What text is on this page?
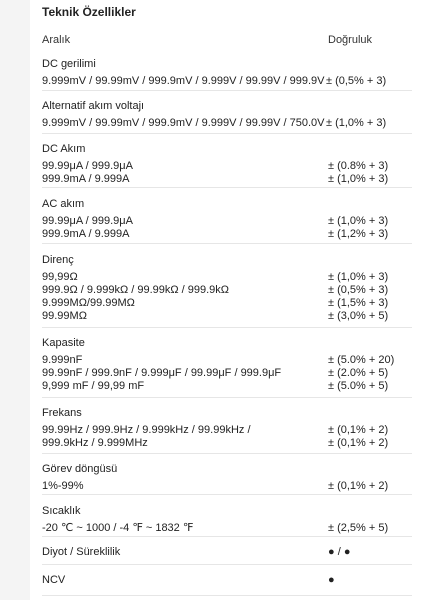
Teknik Özellikler
Aralık	Doğruluk
DC gerilimi
9.999mV / 99.99mV / 999.9mV / 9.999V / 99.99V / 999.9V ± (0,5% + 3)
Alternatif akım voltajı
9.999mV / 99.99mV / 999.9mV / 9.999V / 99.99V / 750.0V ± (1,0% + 3)
DC Akım
99.99μA / 999.9μA	± (0.8% + 3)
999.9mA / 9.999A	± (1,0% + 3)
AC akım
99.99μA / 999.9μA	± (1,0% + 3)
999.9mA / 9.999A	± (1,2% + 3)
Direnç
99,99Ω	± (1,0% + 3)
999.9Ω / 9.999kΩ / 99.99kΩ / 999.9kΩ	± (0,5% + 3)
9.999MΩ/99.99MΩ	± (1,5% + 3)
99.99MΩ	± (3,0% + 5)
Kapasite
9.999nF	± (5.0% + 20)
99.99nF / 999.9nF / 9.999μF / 99.99μF / 999.9μF	± (2.0% + 5)
9,999 mF / 99,99 mF	± (5.0% + 5)
Frekans
99.99Hz / 999.9Hz / 9.999kHz / 99.99kHz /	± (0,1% + 2)
999.9kHz / 9.999MHz	± (0,1% + 2)
Görev döngüsü
1%-99%	± (0,1% + 2)
Sıcaklık
-20 ℃ ~ 1000 / -4 ℉ ~ 1832 ℉	± (2,5% + 5)
Diyot / Süreklilik	● / ●
NCV	●
